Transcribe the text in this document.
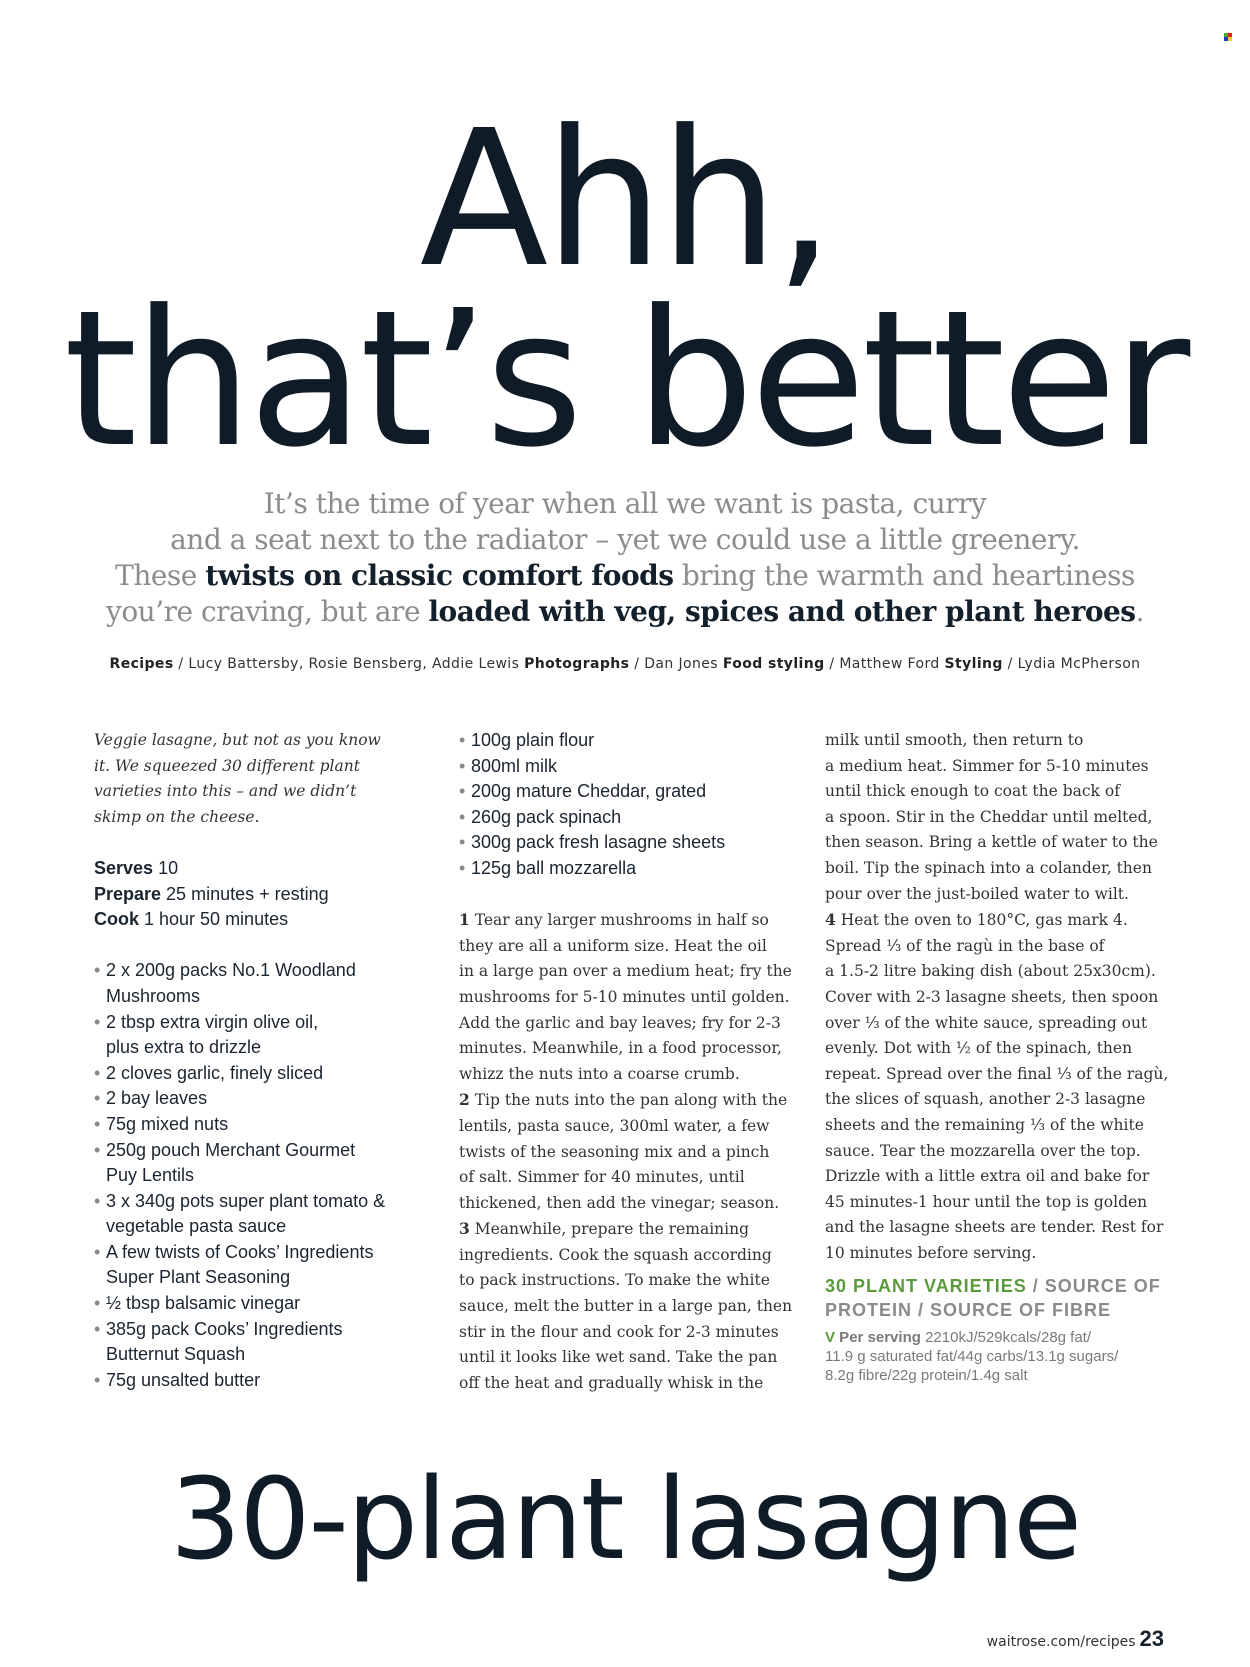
Ahh,
that’s better
It’s the time of year when all we want is pasta, curry
and a seat next to the radiator – yet we could use a little greenery.
These twists on classic comfort foods bring the warmth and heartiness
you’re craving, but are loaded with veg, spices and other plant heroes.
Recipes / Lucy Battersby, Rosie Bensberg, Addie Lewis Photographs / Dan Jones Food styling / Matthew Ford Styling / Lydia McPherson
Veggie lasagne, but not as you know
it. We squeezed 30 different plant
varieties into this – and we didn’t
skimp on the cheese.
Serves 10
Prepare 25 minutes + resting
Cook 1 hour 50 minutes
• 2 x 200g packs No.1 Woodland
Mushrooms
• 2 tbsp extra virgin olive oil,
plus extra to drizzle
• 2 cloves garlic, finely sliced
• 2 bay leaves
• 75g mixed nuts
• 250g pouch Merchant Gourmet
Puy Lentils
• 3 x 340g pots super plant tomato &
vegetable pasta sauce
• A few twists of Cooks’ Ingredients
Super Plant Seasoning
• ½ tbsp balsamic vinegar
• 385g pack Cooks’ Ingredients
Butternut Squash
• 75g unsalted butter
• 100g plain flour
• 800ml milk
• 200g mature Cheddar, grated
• 260g pack spinach
• 300g pack fresh lasagne sheets
• 125g ball mozzarella
1 Tear any larger mushrooms in half so
they are all a uniform size. Heat the oil
in a large pan over a medium heat; fry the
mushrooms for 5-10 minutes until golden.
Add the garlic and bay leaves; fry for 2-3
minutes. Meanwhile, in a food processor,
whizz the nuts into a coarse crumb.
2 Tip the nuts into the pan along with the
lentils, pasta sauce, 300ml water, a few
twists of the seasoning mix and a pinch
of salt. Simmer for 40 minutes, until
thickened, then add the vinegar; season.
3 Meanwhile, prepare the remaining
ingredients. Cook the squash according
to pack instructions. To make the white
sauce, melt the butter in a large pan, then
stir in the flour and cook for 2-3 minutes
until it looks like wet sand. Take the pan
off the heat and gradually whisk in the
milk until smooth, then return to
a medium heat. Simmer for 5-10 minutes
until thick enough to coat the back of
a spoon. Stir in the Cheddar until melted,
then season. Bring a kettle of water to the
boil. Tip the spinach into a colander, then
pour over the just-boiled water to wilt.
4 Heat the oven to 180°C, gas mark 4.
Spread ⅓ of the ragù in the base of
a 1.5-2 litre baking dish (about 25x30cm).
Cover with 2-3 lasagne sheets, then spoon
over ⅓ of the white sauce, spreading out
evenly. Dot with ½ of the spinach, then
repeat. Spread over the final ⅓ of the ragù,
the slices of squash, another 2-3 lasagne
sheets and the remaining ⅓ of the white
sauce. Tear the mozzarella over the top.
Drizzle with a little extra oil and bake for
45 minutes-1 hour until the top is golden
and the lasagne sheets are tender. Rest for
10 minutes before serving.
30 PLANT VARIETIES / SOURCE OF
PROTEIN / SOURCE OF FIBRE
V Per serving 2210kJ/529kcals/28g fat/
11.9 g saturated fat/44g carbs/13.1g sugars/
8.2g fibre/22g protein/1.4g salt
30-plant lasagne
waitrose.com/recipes 23
